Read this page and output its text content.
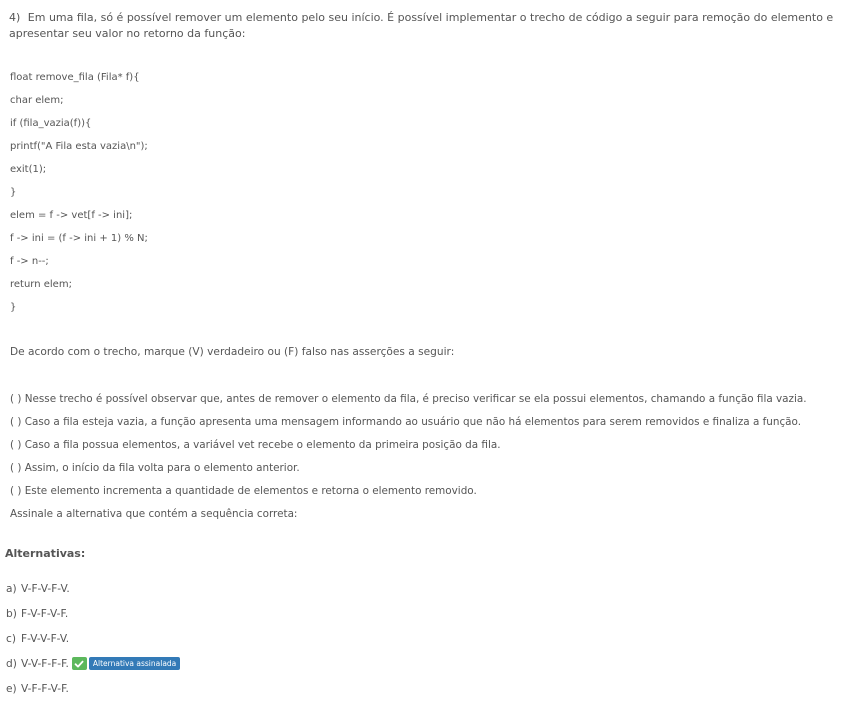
4) Em uma fila, só é possível remover um elemento pelo seu início. É possível implementar o trecho de código a seguir para remoção do elemento e apresentar seu valor no retorno da função:
float remove_fila (Fila* f){
char elem;
if (fila_vazia(f)){
printf("A Fila esta vazia\n");
exit(1);
}
elem = f -> vet[f -> ini];
f -> ini = (f -> ini + 1) % N;
f -> n--;
return elem;
}
De acordo com o trecho, marque (V) verdadeiro ou (F) falso nas asserções a seguir:
( ) Nesse trecho é possível observar que, antes de remover o elemento da fila, é preciso verificar se ela possui elementos, chamando a função fila vazia.
( ) Caso a fila esteja vazia, a função apresenta uma mensagem informando ao usuário que não há elementos para serem removidos e finaliza a função.
( ) Caso a fila possua elementos, a variável vet recebe o elemento da primeira posição da fila.
( ) Assim, o início da fila volta para o elemento anterior.
( ) Este elemento incrementa a quantidade de elementos e retorna o elemento removido.
Assinale a alternativa que contém a sequência correta:
Alternativas:
a) V-F-V-F-V.
b) F-V-F-V-F.
c) F-V-V-F-V.
d) V-V-F-F-F.	Alternativa assinalada
e) V-F-F-V-F.
